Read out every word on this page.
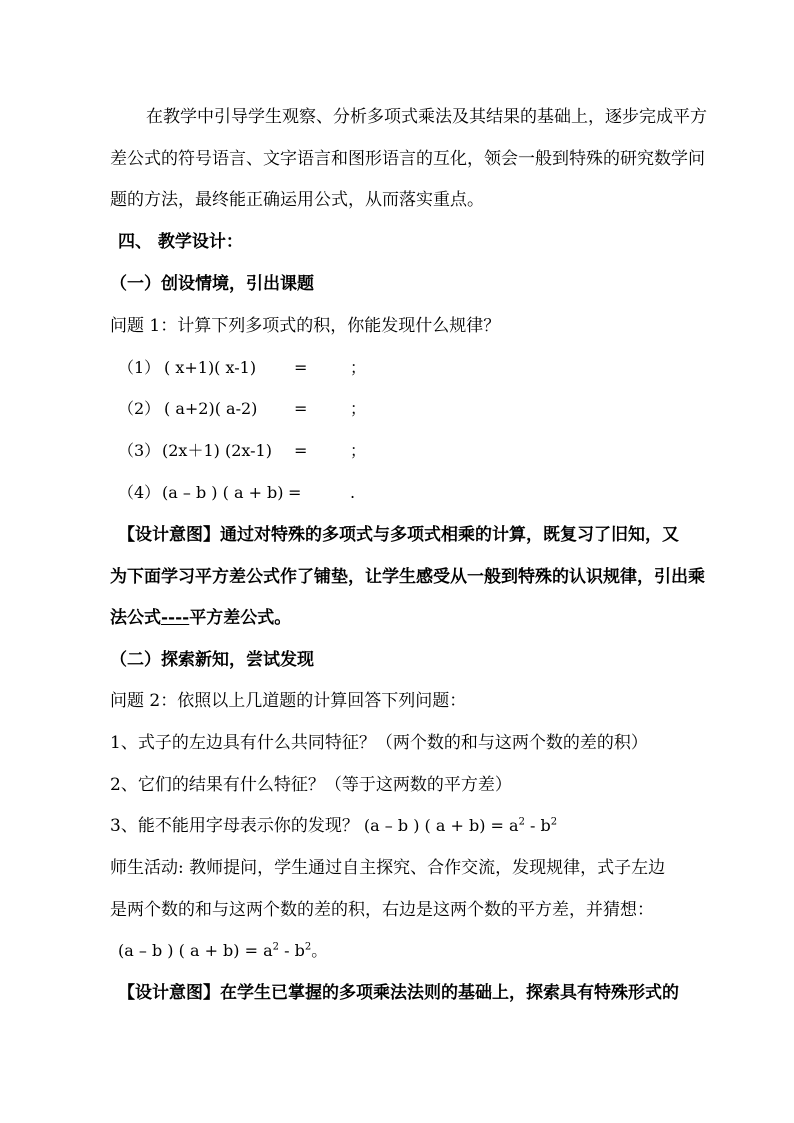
在教学中引导学生观察、分析多项式乘法及其结果的基础上，逐步完成平方
差公式的符号语言、文字语言和图形语言的互化，领会一般到特殊的研究数学问
题的方法，最终能正确运用公式，从而落实重点。
四、 教学设计：
（一）创设情境，引出课题
问题 1：计算下列多项式的积，你能发现什么规律？
（1） ( x+1)( x-1) =	；
（2） ( a+2)( a-2) =	；
（3） (2x＋1) (2x-1) =	；
（4） (a – b ) ( a + b) =	.
【设计意图】通过对特殊的多项式与多项式相乘的计算，既复习了旧知，又
为下面学习平方差公式作了铺垫，让学生感受从一般到特殊的认识规律，引出乘
法公式----平方差公式。
（二）探索新知，尝试发现
问题 2：依照以上几道题的计算回答下列问题：
1、式子的左边具有什么共同特征？（两个数的和与这两个数的差的积）
2、它们的结果有什么特征？（等于这两数的平方差）
3、能不能用字母表示你的发现？ (a – b ) ( $a + b) = a^2 - b^2$
师生活动: 教师提问，学生通过自主探究、合作交流，发现规律，式子左边
是两个数的和与这两个数的差的积，右边是这两个数的平方差，并猜想：
(a – b ) ( $a + b) = a^2 - b^2$。
【设计意图】在学生已掌握的多项乘法法则的基础上，探索具有特殊形式的
